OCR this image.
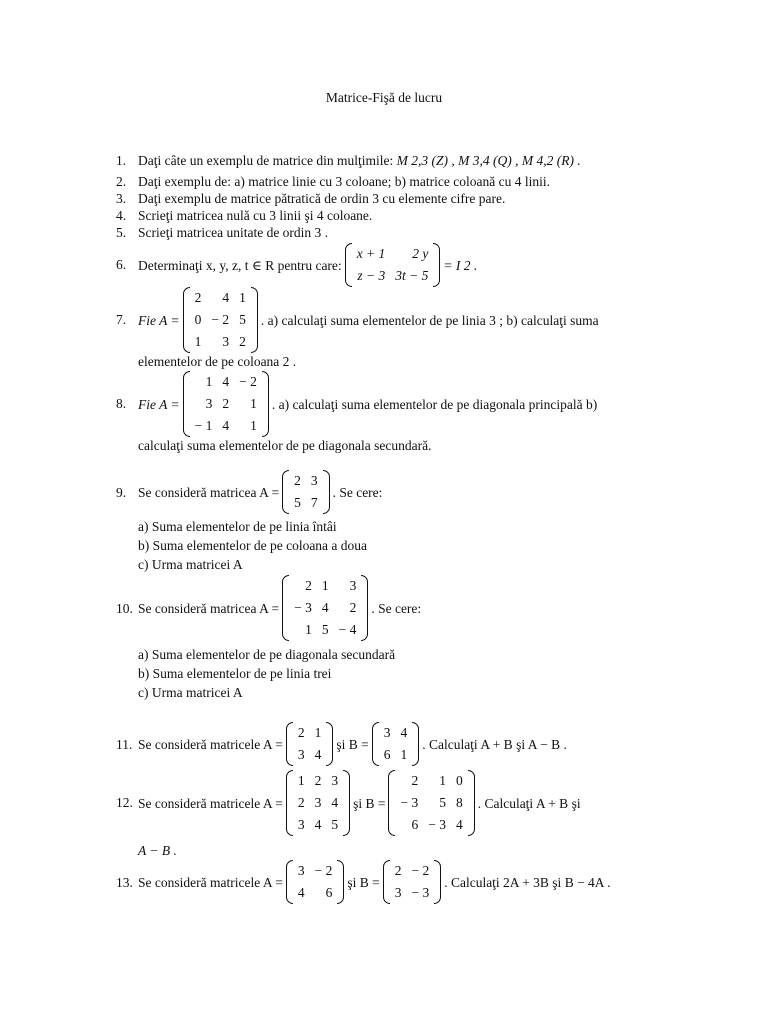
Matrice-Fişă de lucru
1. Daţi câte un exemplu de matrice din mulţimile: M 2,3 (Z) , M 3,4 (Q) , M 4,2 (R) .
2. Daţi exemplu de: a) matrice linie cu 3 coloane; b) matrice coloană cu 4 linii.
3. Daţi exemplu de matrice pătratică de ordin 3 cu elemente cifre pare.
4. Scrieţi matricea nulă cu 3 linii şi 4 coloane.
5. Scrieţi matricea unitate de ordin 3 .
6. Determinaţi x, y, z, t ∈ R pentru care:
x + 1	2 y
z − 3	3t − 5
= I 2 .
7. Fie A =
2	4	1
0	− 2	5
1	3	2
. a) calculaţi suma elementelor de pe linia 3 ; b) calculaţi suma
elementelor de pe coloana 2 .
8. Fie A =
1	4	− 2
3	2	1
− 1	4	1
. a) calculaţi suma elementelor de pe diagonala principală b)
calculaţi suma elementelor de pe diagonala secundară.
9. Se consideră matricea A =
2	3
5	7
. Se cere:
a) Suma elementelor de pe linia întâi
b) Suma elementelor de pe coloana a doua
c) Urma matricei A
10. Se consideră matricea A =
2	1	3
− 3	4	2
1	5	− 4
. Se cere:
a) Suma elementelor de pe diagonala secundară
b) Suma elementelor de pe linia trei
c) Urma matricei A
11. Se consideră matricele A =
2	1
3	4
şi B =
3	4
6	1
. Calculaţi A + B şi A − B .
12. Se consideră matricele A =
1	2	3
2	3	4
3	4	5
şi B =
2	1	0
− 3	5	8
6	− 3	4
. Calculaţi A + B şi
A − B .
13. Se consideră matricele A =
3	− 2
4	6
şi B =
2	− 2
3	− 3
. Calculaţi 2A + 3B şi B − 4A .
